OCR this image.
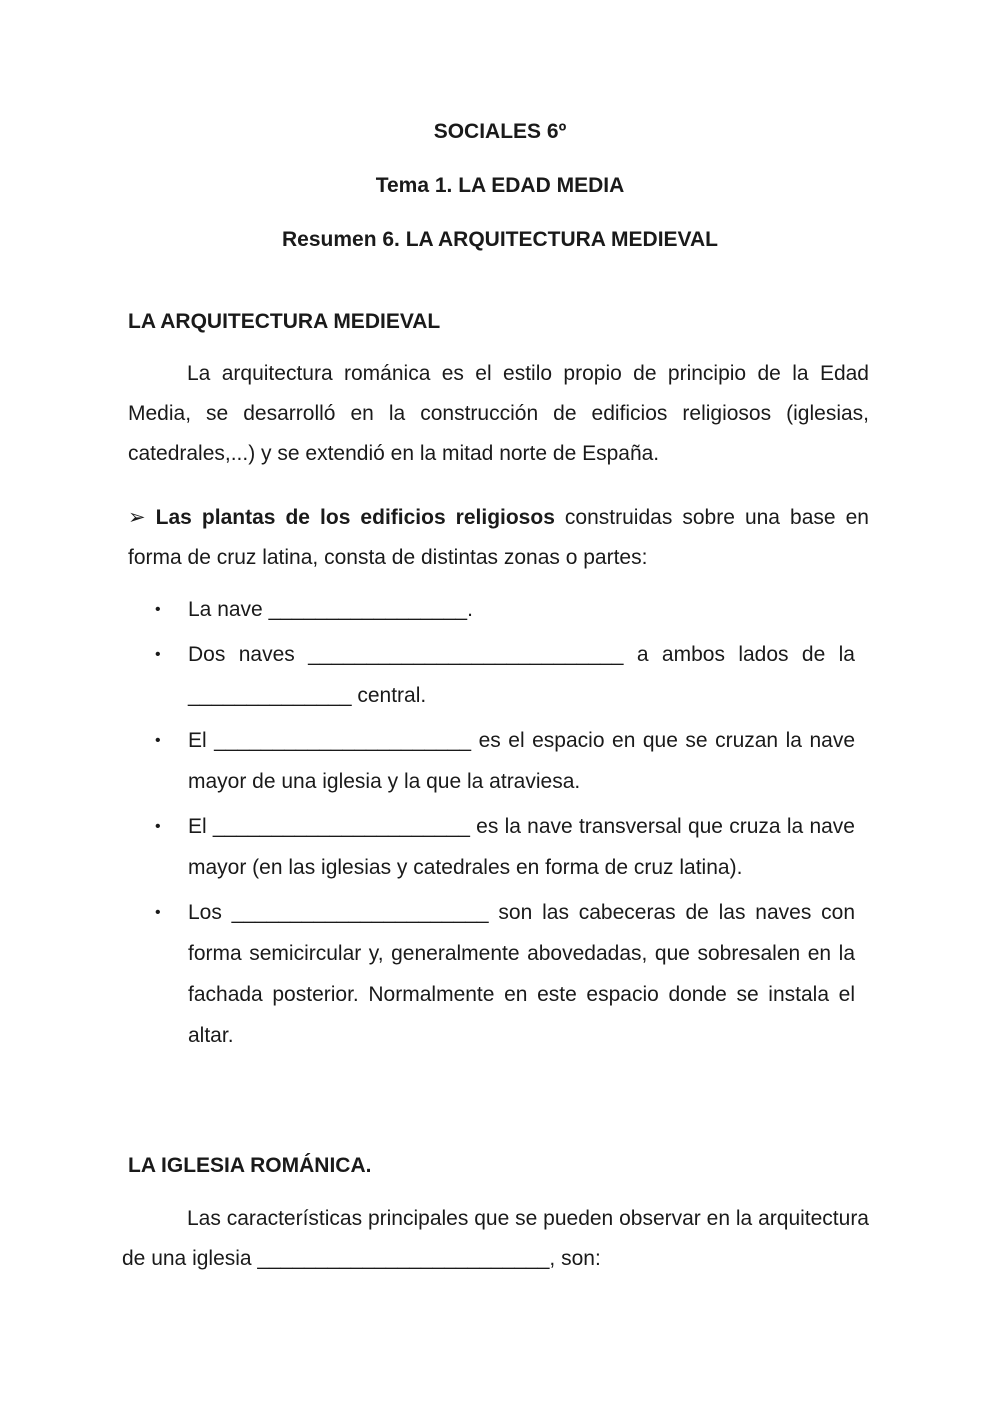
SOCIALES 6º
Tema 1. LA EDAD MEDIA
Resumen 6. LA ARQUITECTURA MEDIEVAL
LA ARQUITECTURA MEDIEVAL

La arquitectura románica es el estilo propio de principio de la Edad Media, se desarrolló en la construcción de edificios religiosos (iglesias, catedrales,...) y se extendió en la mitad norte de España.

➢ Las plantas de los edificios religiosos construidas sobre una base en forma de cruz latina, consta de distintas zonas o partes:

• La nave _________________.
• Dos naves ___________________________ a ambos lados de la ______________ central.
• El ______________________ es el espacio en que se cruzan la nave mayor de una iglesia y la que la atraviesa.
• El ______________________ es la nave transversal que cruza la nave mayor (en las iglesias y catedrales en forma de cruz latina).
• Los ______________________ son las cabeceras de las naves con forma semicircular y, generalmente abovedadas, que sobresalen en la fachada posterior. Normalmente en este espacio donde se instala el altar.
LA IGLESIA ROMÁNICA.

Las características principales que se pueden observar en la arquitectura de una iglesia _________________________, son:
